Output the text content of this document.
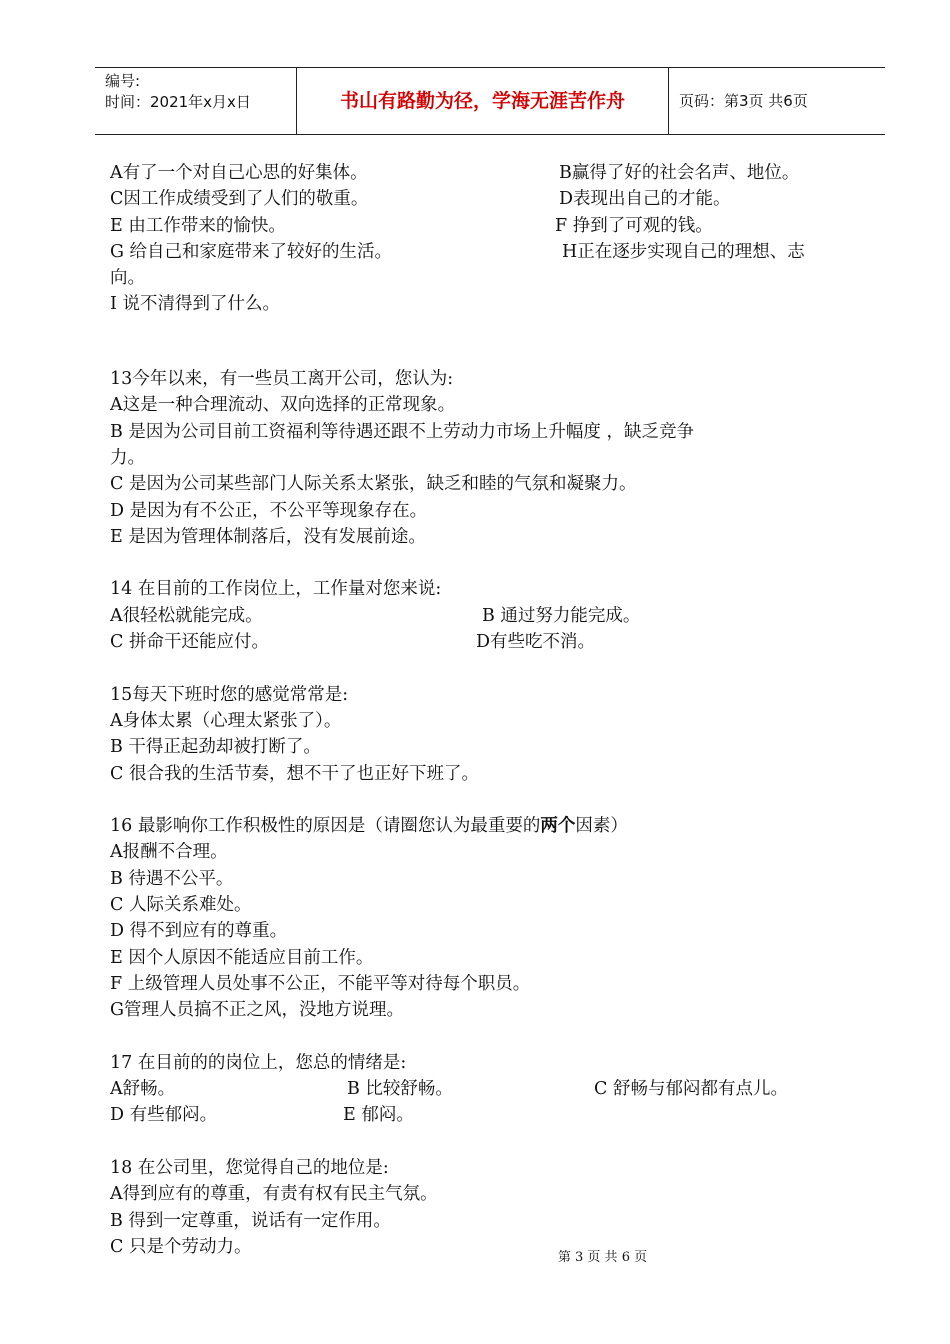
编号:
时间：2021年x月x日	书山有路勤为径，学海无涯苦作舟	页码：第3页 共6页
A有了一个对自己心思的好集体。	B赢得了好的社会名声、地位。
C因工作成绩受到了人们的敬重。	D表现出自己的才能。
E 由工作带来的愉快。	F 挣到了可观的钱。
G 给自己和家庭带来了较好的生活。	H正在逐步实现自己的理想、志
向。
I 说不清得到了什么。
13今年以来，有一些员工离开公司，您认为:
A这是一种合理流动、双向选择的正常现象。
B 是因为公司目前工资福利等待遇还跟不上劳动力市场上升幅度 ，缺乏竞争
力。
C 是因为公司某些部门人际关系太紧张，缺乏和睦的气氛和凝聚力。
D 是因为有不公正，不公平等现象存在。
E 是因为管理体制落后，没有发展前途。
14 在目前的工作岗位上，工作量对您来说:
A很轻松就能完成。	B 通过努力能完成。
C 拼命干还能应付。	D有些吃不消。
15每天下班时您的感觉常常是:
A身体太累（心理太紧张了）。
B 干得正起劲却被打断了。
C 很合我的生活节奏，想不干了也正好下班了。
16 最影响你工作积极性的原因是（请圈您认为最重要的两个因素）
A报酬不合理。
B 待遇不公平。
C 人际关系难处。
D 得不到应有的尊重。
E 因个人原因不能适应目前工作。
F 上级管理人员处事不公正，不能平等对待每个职员。
G管理人员搞不正之风，没地方说理。
17 在目前的的岗位上，您总的情绪是:
A舒畅。	B 比较舒畅。	C 舒畅与郁闷都有点儿。
D 有些郁闷。	E 郁闷。
18 在公司里，您觉得自己的地位是:
A得到应有的尊重，有责有权有民主气氛。
B 得到一定尊重，说话有一定作用。
C 只是个劳动力。
第 3 页 共 6 页
